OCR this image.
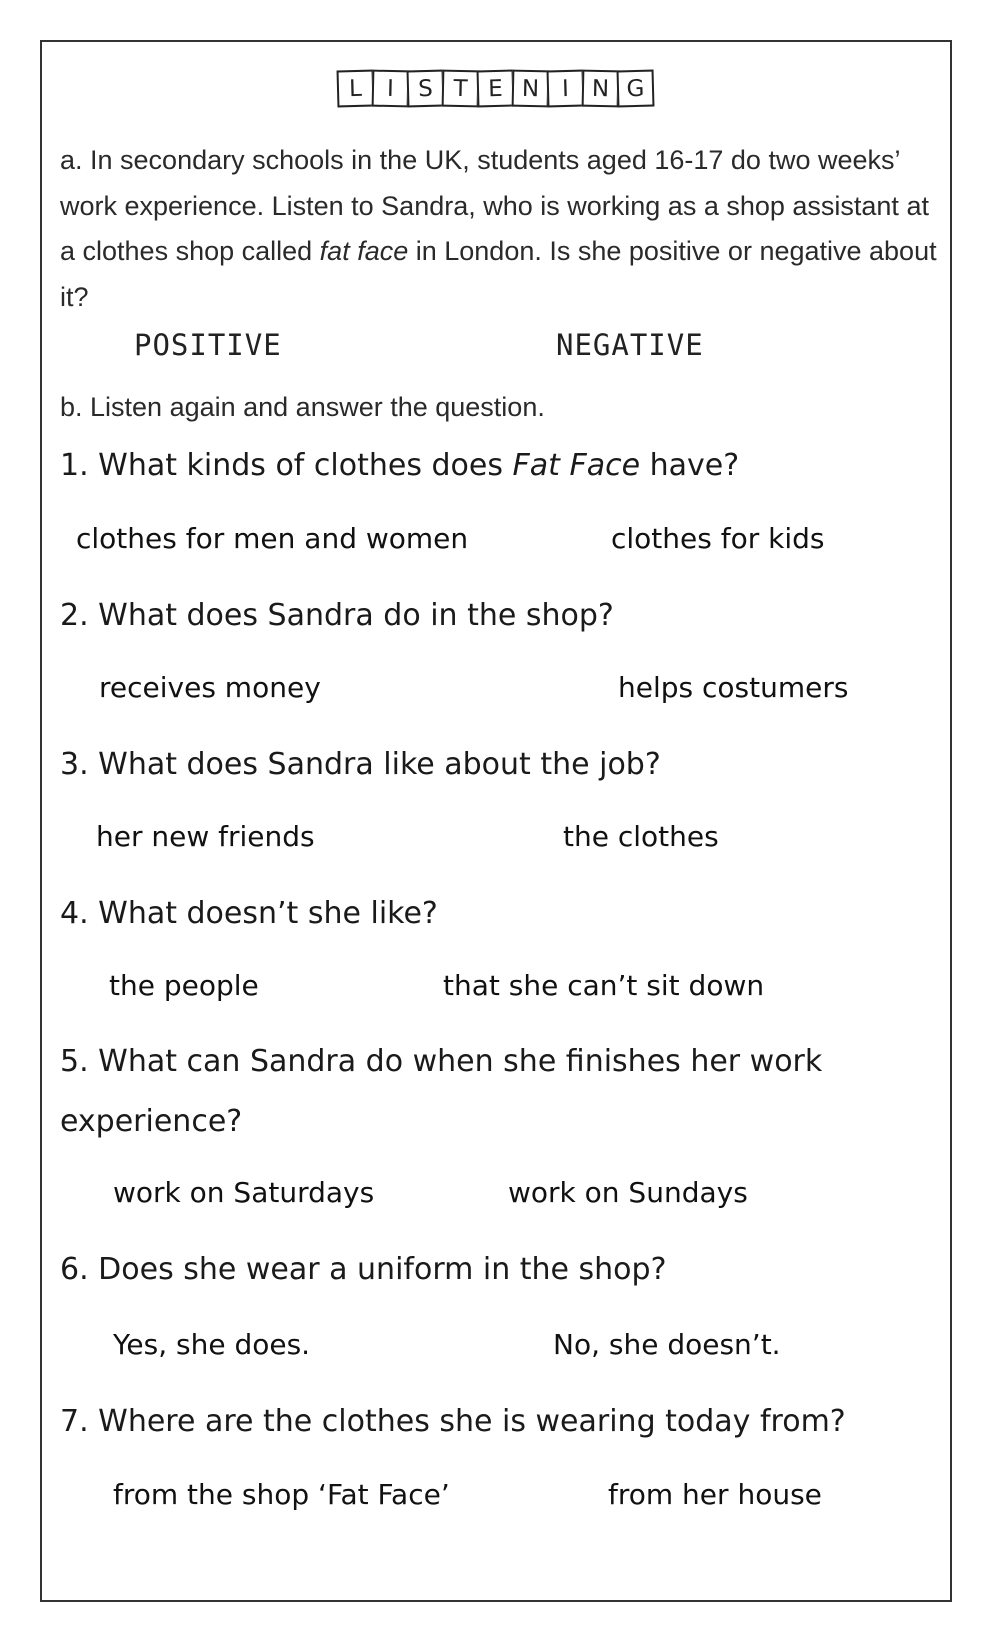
L	I	S T E N I N G
a. In secondary schools in the UK, students aged 16-17 do two weeks’ work experience. Listen to Sandra, who is working as a shop assistant at a clothes shop called fat face in London. Is she positive or negative about it?
POSITIVE	NEGATIVE
b. Listen again and answer the question.
1. What kinds of clothes does Fat Face have?
clothes for men and women	clothes for kids
2. What does Sandra do in the shop?
receives money	helps costumers
3. What does Sandra like about the job?
her new friends	the clothes
4. What doesn’t she like?
the people	that she can’t sit down
5. What can Sandra do when she finishes her work experience?
work on Saturdays	work on Sundays
6. Does she wear a uniform in the shop?
Yes, she does.	No, she doesn’t.
7. Where are the clothes she is wearing today from?
from the shop ‘Fat Face’	from her house
